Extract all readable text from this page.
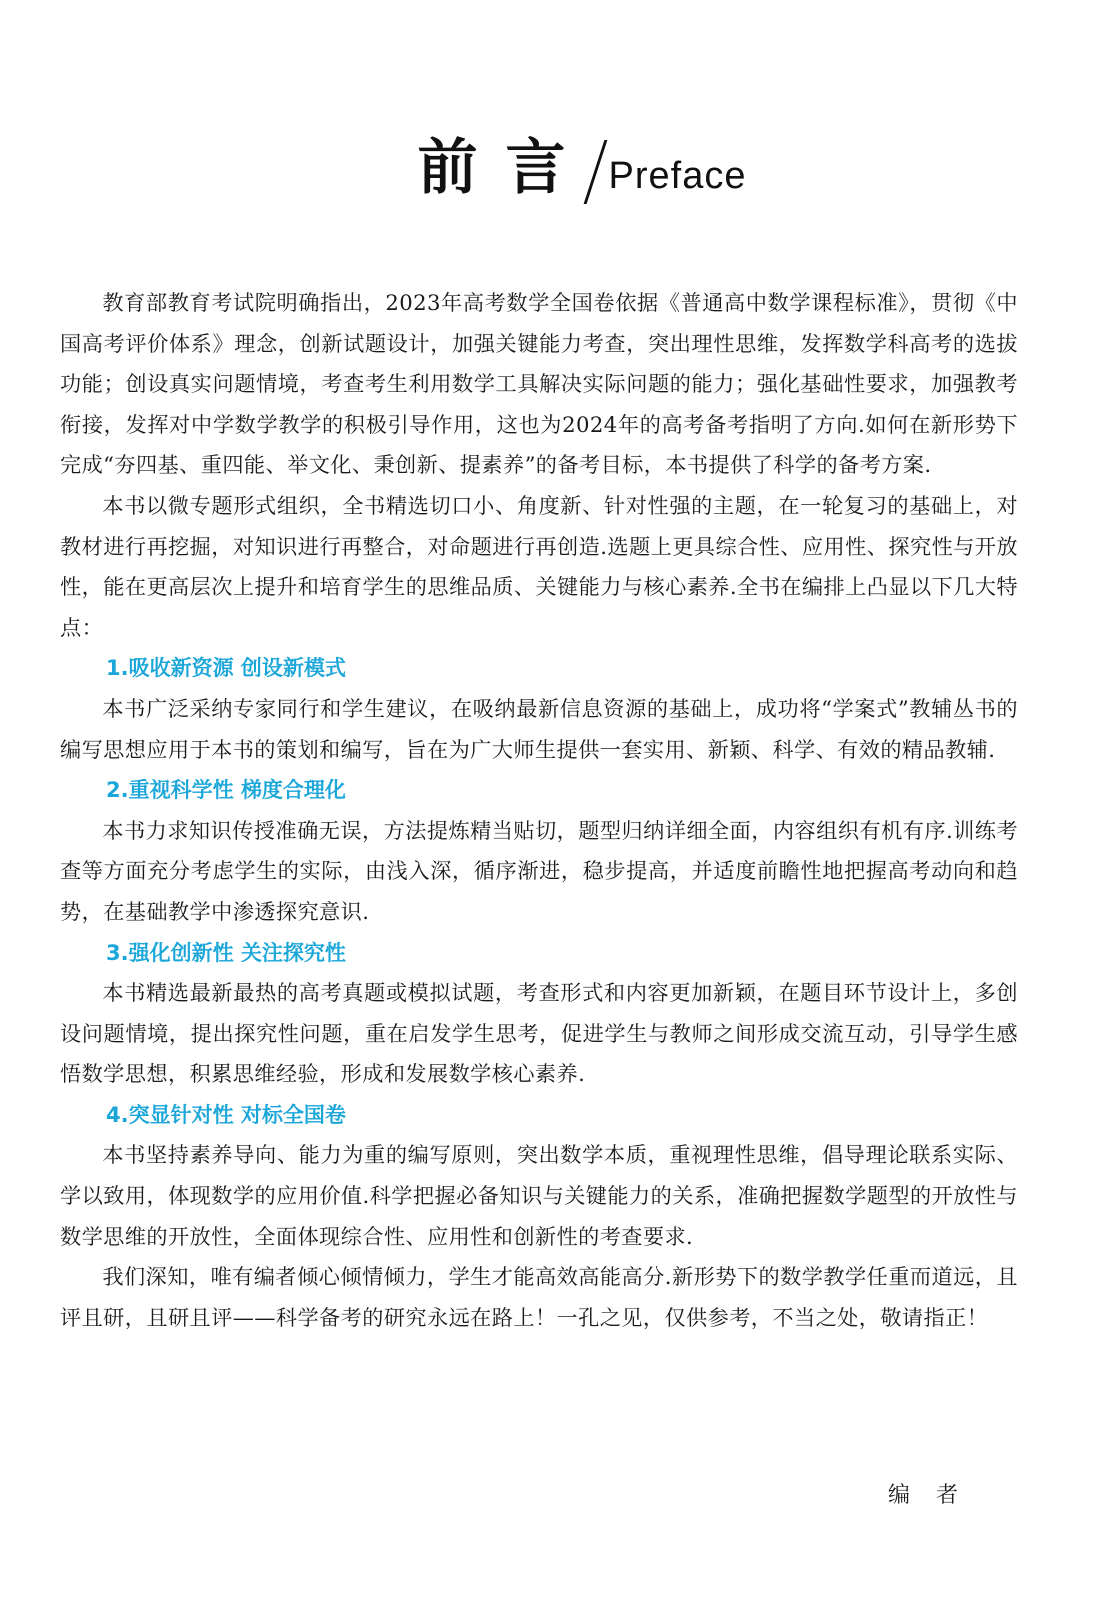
前言 Preface

教育部教育考试院明确指出，2023年高考数学全国卷依据《普通高中数学课程标准》，贯彻《中国高考评价体系》理念，创新试题设计，加强关键能力考查，突出理性思维，发挥数学科高考的选拔功能；创设真实问题情境，考查考生利用数学工具解决实际问题的能力；强化基础性要求，加强教考衔接，发挥对中学数学教学的积极引导作用，这也为2024年的高考备考指明了方向.如何在新形势下完成“夯四基、重四能、举文化、秉创新、提素养”的备考目标，本书提供了科学的备考方案.

本书以微专题形式组织，全书精选切口小、角度新、针对性强的主题，在一轮复习的基础上，对教材进行再挖掘，对知识进行再整合，对命题进行再创造.选题上更具综合性、应用性、探究性与开放性，能在更高层次上提升和培育学生的思维品质、关键能力与核心素养.全书在编排上凸显以下几大特点：

1.吸收新资源 创设新模式

本书广泛采纳专家同行和学生建议，在吸纳最新信息资源的基础上，成功将“学案式”教辅丛书的编写思想应用于本书的策划和编写，旨在为广大师生提供一套实用、新颖、科学、有效的精品教辅.

2.重视科学性 梯度合理化

本书力求知识传授准确无误，方法提炼精当贴切，题型归纳详细全面，内容组织有机有序.训练考查等方面充分考虑学生的实际，由浅入深，循序渐进，稳步提高，并适度前瞻性地把握高考动向和趋势，在基础教学中渗透探究意识.

3.强化创新性 关注探究性

本书精选最新最热的高考真题或模拟试题，考查形式和内容更加新颖，在题目环节设计上，多创设问题情境，提出探究性问题，重在启发学生思考，促进学生与教师之间形成交流互动，引导学生感悟数学思想，积累思维经验，形成和发展数学核心素养.

4.突显针对性 对标全国卷

本书坚持素养导向、能力为重的编写原则，突出数学本质，重视理性思维，倡导理论联系实际、学以致用，体现数学的应用价值.科学把握必备知识与关键能力的关系，准确把握数学题型的开放性与数学思维的开放性，全面体现综合性、应用性和创新性的考查要求.

我们深知，唯有编者倾心倾情倾力，学生才能高效高能高分.新形势下的数学教学任重而道远，且评且研，且研且评——科学备考的研究永远在路上！一孔之见，仅供参考，不当之处，敬请指正！

编者
